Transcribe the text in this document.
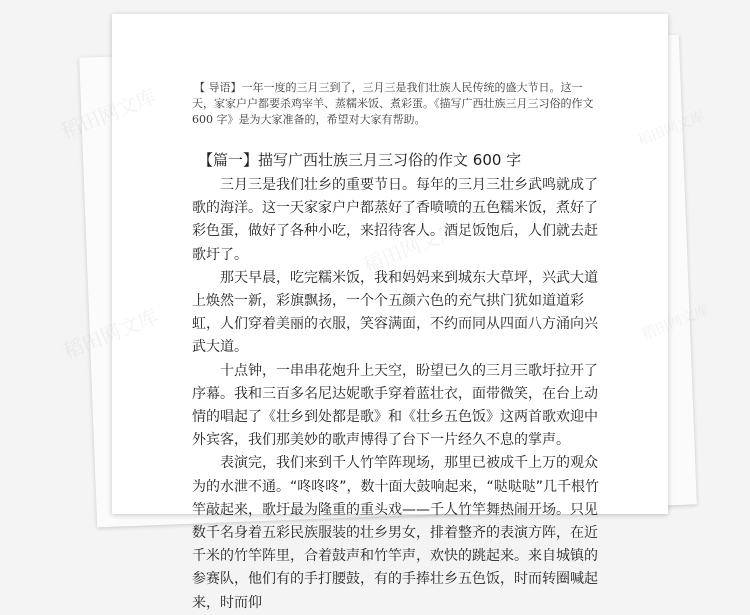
【 导语】一年一度的三月三到了，三月三是我们壮族人民传统的盛大节日。这一天，家家户户都要杀鸡宰羊、蒸糯米饭、煮彩蛋。《描写广西壮族三月三习俗的作文 600 字》是为大家准备的，希望对大家有帮助。
【篇一】描写广西壮族三月三习俗的作文 600 字

三月三是我们壮乡的重要节日。每年的三月三壮乡武鸣就成了歌的海洋。这一天家家户户都蒸好了香喷喷的五色糯米饭，煮好了彩色蛋，做好了各种小吃，来招待客人。酒足饭饱后，人们就去赶歌圩了。

那天早晨，吃完糯米饭，我和妈妈来到城东大草坪，兴武大道上焕然一新，彩旗飘扬，一个个五颜六色的充气拱门犹如道道彩虹，人们穿着美丽的衣服，笑容满面，不约而同从四面八方涌向兴武大道。

十点钟，一串串花炮升上天空，盼望已久的三月三歌圩拉开了序幕。我和三百多名尼达妮歌手穿着蓝壮衣，面带微笑，在台上动情的唱起了《壮乡到处都是歌》和《壮乡五色饭》这两首歌欢迎中外宾客，我们那美妙的歌声博得了台下一片经久不息的掌声。

表演完，我们来到千人竹竿阵现场，那里已被成千上万的观众为的水泄不通。“咚咚咚”，数十面大鼓响起来，“哒哒哒”几千根竹竿敲起来，歌圩最为隆重的重头戏——千人竹竿舞热闹开场。只见数千名身着五彩民族服装的壮乡男女，排着整齐的表演方阵，在近千米的竹竿阵里，合着鼓声和竹竿声，欢快的跳起来。来自城镇的参赛队，他们有的手打腰鼓，有的手捧壮乡五色饭，时而转圈喊起来，时而仰

稻田网文库	稻田网文库
稻田网文库	稻田网文库
稻田网文库
